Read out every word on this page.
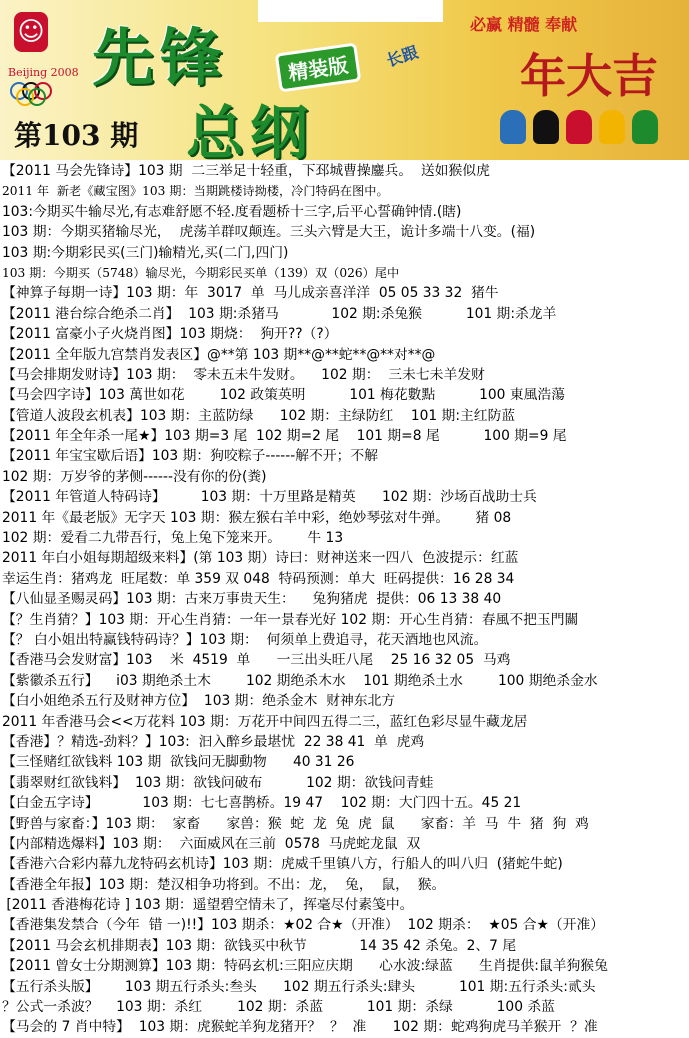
☺
Beijing 2008 先锋	精装版
必赢 精髓 奉献
长跟 年大吉
第103 期 总纲
【2011 马会先锋诗】103 期  二三举足十轻重，下邳城曹操鏖兵。  送如猴似虎
2011 年  新老《藏宝图》103 期：当期跳楼诗拗楼，冷门特码在图中。
103:今期买牛输尽光,有志难舒愿不轻.度看题桥十三字,后平心誓确钟情.(瞎)
103 期：今期买猪输尽光，  虎荡羊群叹颠连。三头六臂是大王，诡计多端十八变。(福)
103 期:今期彩民买(三门)输精光,买(二门,四门)
103 期：今期买（5748）输尽光，今期彩民买单（139）双（026）尾中
【神算子每期一诗】103 期：年  3017  单  马儿成亲喜洋洋  05 05 33 32  猪牛
【2011 港台综合绝杀二肖】  103 期:杀猪马            102 期:杀兔猴          101 期:杀龙羊
【2011 富豪小子火烧肖图】103 期烧：  狗开??（?）
【2011 全年版九宫禁肖发表区】@**第 103 期**@**蛇**@**对**@
【马会排期发财诗】103 期：  零未五未牛发财。    102 期：  三未七未羊发财
【马会四字诗】103 萬世如花        102 政策英明          101 梅花數點          100 東風浩蕩
【管道人波段玄机表】103 期：主蓝防绿      102 期：主绿防红    101 期:主红防蓝
【2011 年全年杀一尾★】103 期=3 尾  102 期=2 尾    101 期=8 尾          100 期=9 尾
【2011 年宝宝歇后语】103 期：狗咬粽子------解不开；不解
102 期：万岁爷的茅侧------没有你的份(粪)
【2011 年管道人特码诗】        103 期：十万里路是精英      102 期：沙场百战助士兵
2011 年《最老版》无字天 103 期：猴左猴右羊中彩，绝妙琴弦对牛弹。      猪 08
102 期：爱看二九带吾行，兔上兔下笼来开。      牛 13
2011 年白小姐每期超级来料】(第 103 期）诗曰：财神送来一四八  色波提示：红蓝
幸运生肖：猪鸡龙  旺尾数：单 359 双 048  特码预测：单大  旺码提供：16 28 34
【八仙显圣赐灵码】103 期：古来万事贵天生：    兔狗猪虎  提供：06 13 38 40
【？生肖猜？】103 期：开心生肖猜：一年一景春光好 102 期：开心生肖猜：春風不把玉門關
【？ 白小姐出特赢钱特码诗？】103 期：  何须单上费追寻，花天酒地也风流。
【香港马会发财富】103    米  4519  单      一三出头旺八尾    25 16 32 05  马鸡
【紫徽杀五行】    i03 期绝杀土木        102 期绝杀木水    101 期绝杀土水        100 期绝杀金水
【白小姐绝杀五行及财神方位】  103 期：绝杀金木  财神东北方
2011 年香港马会<<万花料 103 期：万花开中间四五得二三，蓝红色彩尽显牛藏龙居
【香港】？精选-劲料？】103:  汩入醉乡最堪忧  22 38 41  单  虎鸡
【三怪赌红欲钱料 103 期  欲钱问无脚動物      40 31 26
【翡翠财红欲钱料】  103 期：欲钱问破布          102 期：欲钱问青蛙
【白金五字诗】          103 期：七七喜鹊桥。19 47    102 期：大门四十五。45 21
【野兽与家畜：】103 期：  家畜      家兽：猴  蛇  龙  兔  虎  鼠      家畜：羊  马  牛  猪  狗  鸡
【内部精选爆料】103 期：  六面威风在三前  0578  马虎蛇龙鼠  双
【香港六合彩内幕九龙特码玄机诗】103 期：虎威千里镇八方，行船人的叫八归  (猪蛇牛蛇)
【香港全年报】103 期：楚汉相争功将到。不出：龙，  兔，  鼠，  猴。
[2011 香港梅花诗 ] 103 期：遥望碧空情未了，挥毫尽付素笺中。
【香港集发禁合（今年  错 一)!!】103 期杀：★02 合★（开准）  102 期杀：  ★05 合★（开准）
【2011 马会玄机排期表】103 期：欲钱买中秋节            14 35 42 杀兔。2、7 尾
【2011 曾女士分期测算】103 期：特码玄机:三阳应庆期      心水波:绿蓝      生肖提供:鼠羊狗猴兔
【五行杀头版】      103 期五行杀头:叁头      102 期五行杀头:肆头          101 期:五行杀头:贰头
？公式一杀波？    103 期：杀红        102 期：杀蓝          101 期：杀绿          100 杀蓝
【马会的 7 肖中特】  103 期：虎猴蛇羊狗龙猪开？  ？  准      102 期：蛇鸡狗虎马羊猴开  ？准
